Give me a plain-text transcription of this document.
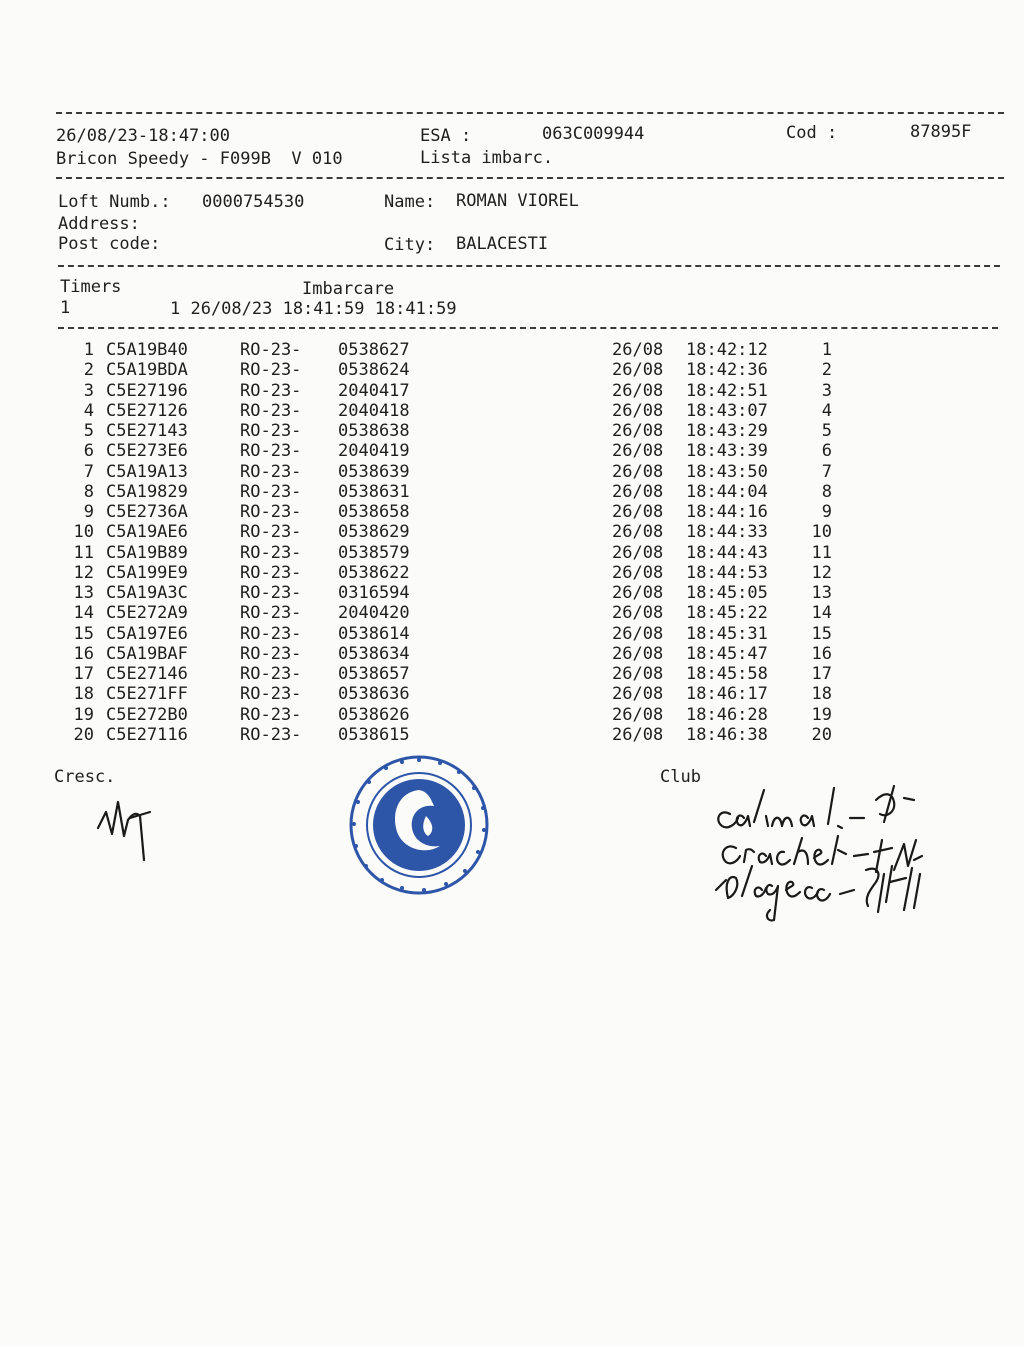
26/08/23-18:47:00	ESA :	063C009944	Cod :	87895F
Bricon Speedy - F099B  V 010	Lista imbarc.
Loft Numb.: 0000754530	Name: ROMAN VIOREL
Address:
Post code:	City: BALACESTI
Timers	Imbarcare
1	1 26/08/23 18:41:59 18:41:59
1 C5A19B40	RO-23- 0538627	26/08 18:42:12	1
2 C5A19BDA	RO-23- 0538624	26/08 18:42:36	2
3 C5E27196	RO-23- 2040417	26/08 18:42:51	3
4 C5E27126	RO-23- 2040418	26/08 18:43:07	4
5 C5E27143	RO-23- 0538638	26/08 18:43:29	5
6 C5E273E6	RO-23- 2040419	26/08 18:43:39	6
7 C5A19A13	RO-23- 0538639	26/08 18:43:50	7
8 C5A19829	RO-23- 0538631	26/08 18:44:04	8
9 C5E2736A	RO-23- 0538658	26/08 18:44:16	9
10 C5A19AE6	RO-23- 0538629	26/08 18:44:33	10
11 C5A19B89	RO-23- 0538579	26/08 18:44:43	11
12 C5A199E9	RO-23- 0538622	26/08 18:44:53	12
13 C5A19A3C	RO-23- 0316594	26/08 18:45:05	13
14 C5E272A9	RO-23- 2040420	26/08 18:45:22	14
15 C5A197E6	RO-23- 0538614	26/08 18:45:31	15
16 C5A19BAF	RO-23- 0538634	26/08 18:45:47	16
17 C5E27146	RO-23- 0538657	26/08 18:45:58	17
18 C5E271FF	RO-23- 0538636	26/08 18:46:17	18
19 C5E272B0	RO-23- 0538626	26/08 18:46:28	19
20 C5E27116	RO-23- 0538615	26/08 18:46:38	20
Cresc.	Club
